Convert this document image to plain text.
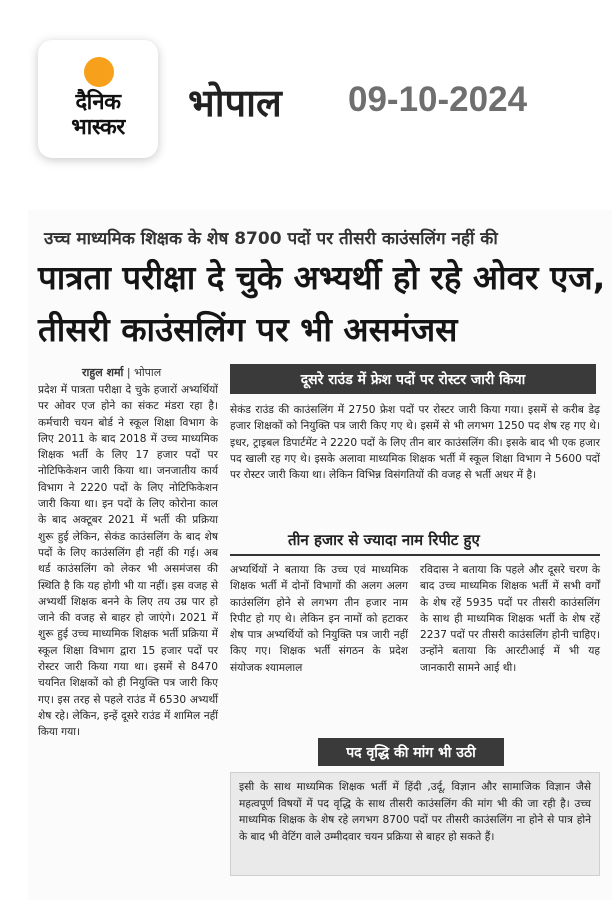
दैनिक
भास्कर
भोपाल 09-10-2024
उच्च माध्यमिक शिक्षक के शेष 8700 पदों पर तीसरी काउंसलिंग नहीं की
पात्रता परीक्षा दे चुके अभ्यर्थी हो रहे ओवर एज, तीसरी काउंसलिंग पर भी असमंजस
राहुल शर्मा | भोपाल
प्रदेश में पात्रता परीक्षा दे चुके हजारों अभ्यर्थियों पर ओवर एज होने का संकट मंडरा रहा है। कर्मचारी चयन बोर्ड ने स्कूल शिक्षा विभाग के लिए 2011 के बाद 2018 में उच्च माध्यमिक शिक्षक भर्ती के लिए 17 हजार पदों पर नोटिफिकेशन जारी किया था। जनजातीय कार्य विभाग ने 2220 पदों के लिए नोटिफिकेशन जारी किया था। इन पदों के लिए कोरोना काल के बाद अक्टूबर 2021 में भर्ती की प्रक्रिया शुरू हुई लेकिन, सेकंड काउंसलिंग के बाद शेष पदों के लिए काउंसलिंग ही नहीं की गई। अब थर्ड काउंसलिंग को लेकर भी असमंजस की स्थिति है कि यह होगी भी या नहीं। इस वजह से अभ्यर्थी शिक्षक बनने के लिए तय उम्र पार हो जाने की वजह से बाहर हो जाएंगे। 2021 में शुरू हुई उच्च माध्यमिक शिक्षक भर्ती प्रक्रिया में स्कूल शिक्षा विभाग द्वारा 15 हजार पदों पर रोस्टर जारी किया गया था। इसमें से 8470 चयनित शिक्षकों को ही नियुक्ति पत्र जारी किए गए। इस तरह से पहले राउंड में 6530 अभ्यर्थी शेष रहे। लेकिन, इन्हें दूसरे राउंड में शामिल नहीं किया गया।
दूसरे राउंड में फ्रेश पदों पर रोस्टर जारी किया
सेकंड राउंड की काउंसलिंग में 2750 फ्रेश पदों पर रोस्टर जारी किया गया। इसमें से करीब डेढ़ हजार शिक्षकों को नियुक्ति पत्र जारी किए गए थे। इसमें से भी लगभग 1250 पद शेष रह गए थे। इधर, ट्राइबल डिपार्टमेंट ने 2220 पदों के लिए तीन बार काउंसलिंग की। इसके बाद भी एक हजार पद खाली रह गए थे। इसके अलावा माध्यमिक शिक्षक भर्ती में स्कूल शिक्षा विभाग ने 5600 पदों पर रोस्टर जारी किया था। लेकिन विभिन्न विसंगतियों की वजह से भर्ती अधर में है।
तीन हजार से ज्यादा नाम रिपीट हुए
अभ्यर्थियों ने बताया कि उच्च एवं माध्यमिक शिक्षक भर्ती में दोनों विभागों की अलग अलग काउंसलिंग होने से लगभग तीन हजार नाम रिपीट हो गए थे। लेकिन इन नामों को हटाकर शेष पात्र अभ्यर्थियों को नियुक्ति पत्र जारी नहीं किए गए। शिक्षक भर्ती संगठन के प्रदेश संयोजक श्यामलाल
रविदास ने बताया कि पहले और दूसरे चरण के बाद उच्च माध्यमिक शिक्षक भर्ती में सभी वर्गों के शेष रहें 5935 पदों पर तीसरी काउंसलिंग के साथ ही माध्यमिक शिक्षक भर्ती के शेष रहें 2237 पदों पर तीसरी काउंसलिंग होनी चाहिए। उन्होंने बताया कि आरटीआई में भी यह जानकारी सामने आई थी।
पद वृद्धि की मांग भी उठी
इसी के साथ माध्यमिक शिक्षक भर्ती में हिंदी ,उर्दू, विज्ञान और सामाजिक विज्ञान जैसे महत्वपूर्ण विषयों में पद वृद्धि के साथ तीसरी काउंसलिंग की मांग भी की जा रही है। उच्च माध्यमिक शिक्षक के शेष रहे लगभग 8700 पदों पर तीसरी काउंसलिंग ना होने से पात्र होने के बाद भी वेटिंग वाले उम्मीदवार चयन प्रक्रिया से बाहर हो सकते हैं।
